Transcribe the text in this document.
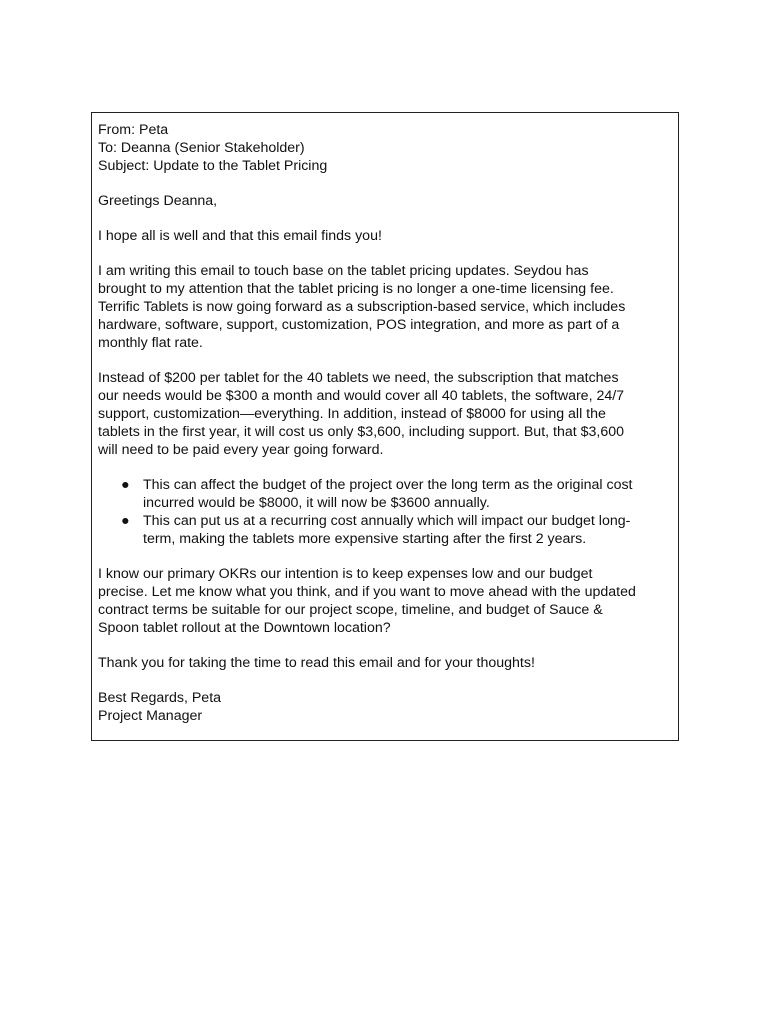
From: Peta

To: Deanna (Senior Stakeholder)

Subject: Update to the Tablet Pricing

Greetings Deanna,

I hope all is well and that this email finds you!

I am writing this email to touch base on the tablet pricing updates. Seydou has

brought to my attention that the tablet pricing is no longer a one-time licensing fee.

Terrific Tablets is now going forward as a subscription-based service, which includes

hardware, software, support, customization, POS integration, and more as part of a

monthly flat rate.

Instead of $200 per tablet for the 40 tablets we need, the subscription that matches

our needs would be $300 a month and would cover all 40 tablets, the software, 24/7

support, customization—everything. In addition, instead of $8000 for using all the

tablets in the first year, it will cost us only $3,600, including support. But, that $3,600

will need to be paid every year going forward.

● This can affect the budget of the project over the long term as the original cost

incurred would be $8000, it will now be $3600 annually.

● This can put us at a recurring cost annually which will impact our budget long-

term, making the tablets more expensive starting after the first 2 years.

I know our primary OKRs our intention is to keep expenses low and our budget

precise. Let me know what you think, and if you want to move ahead with the updated

contract terms be suitable for our project scope, timeline, and budget of Sauce &

Spoon tablet rollout at the Downtown location?

Thank you for taking the time to read this email and for your thoughts!

Best Regards, Peta

Project Manager
